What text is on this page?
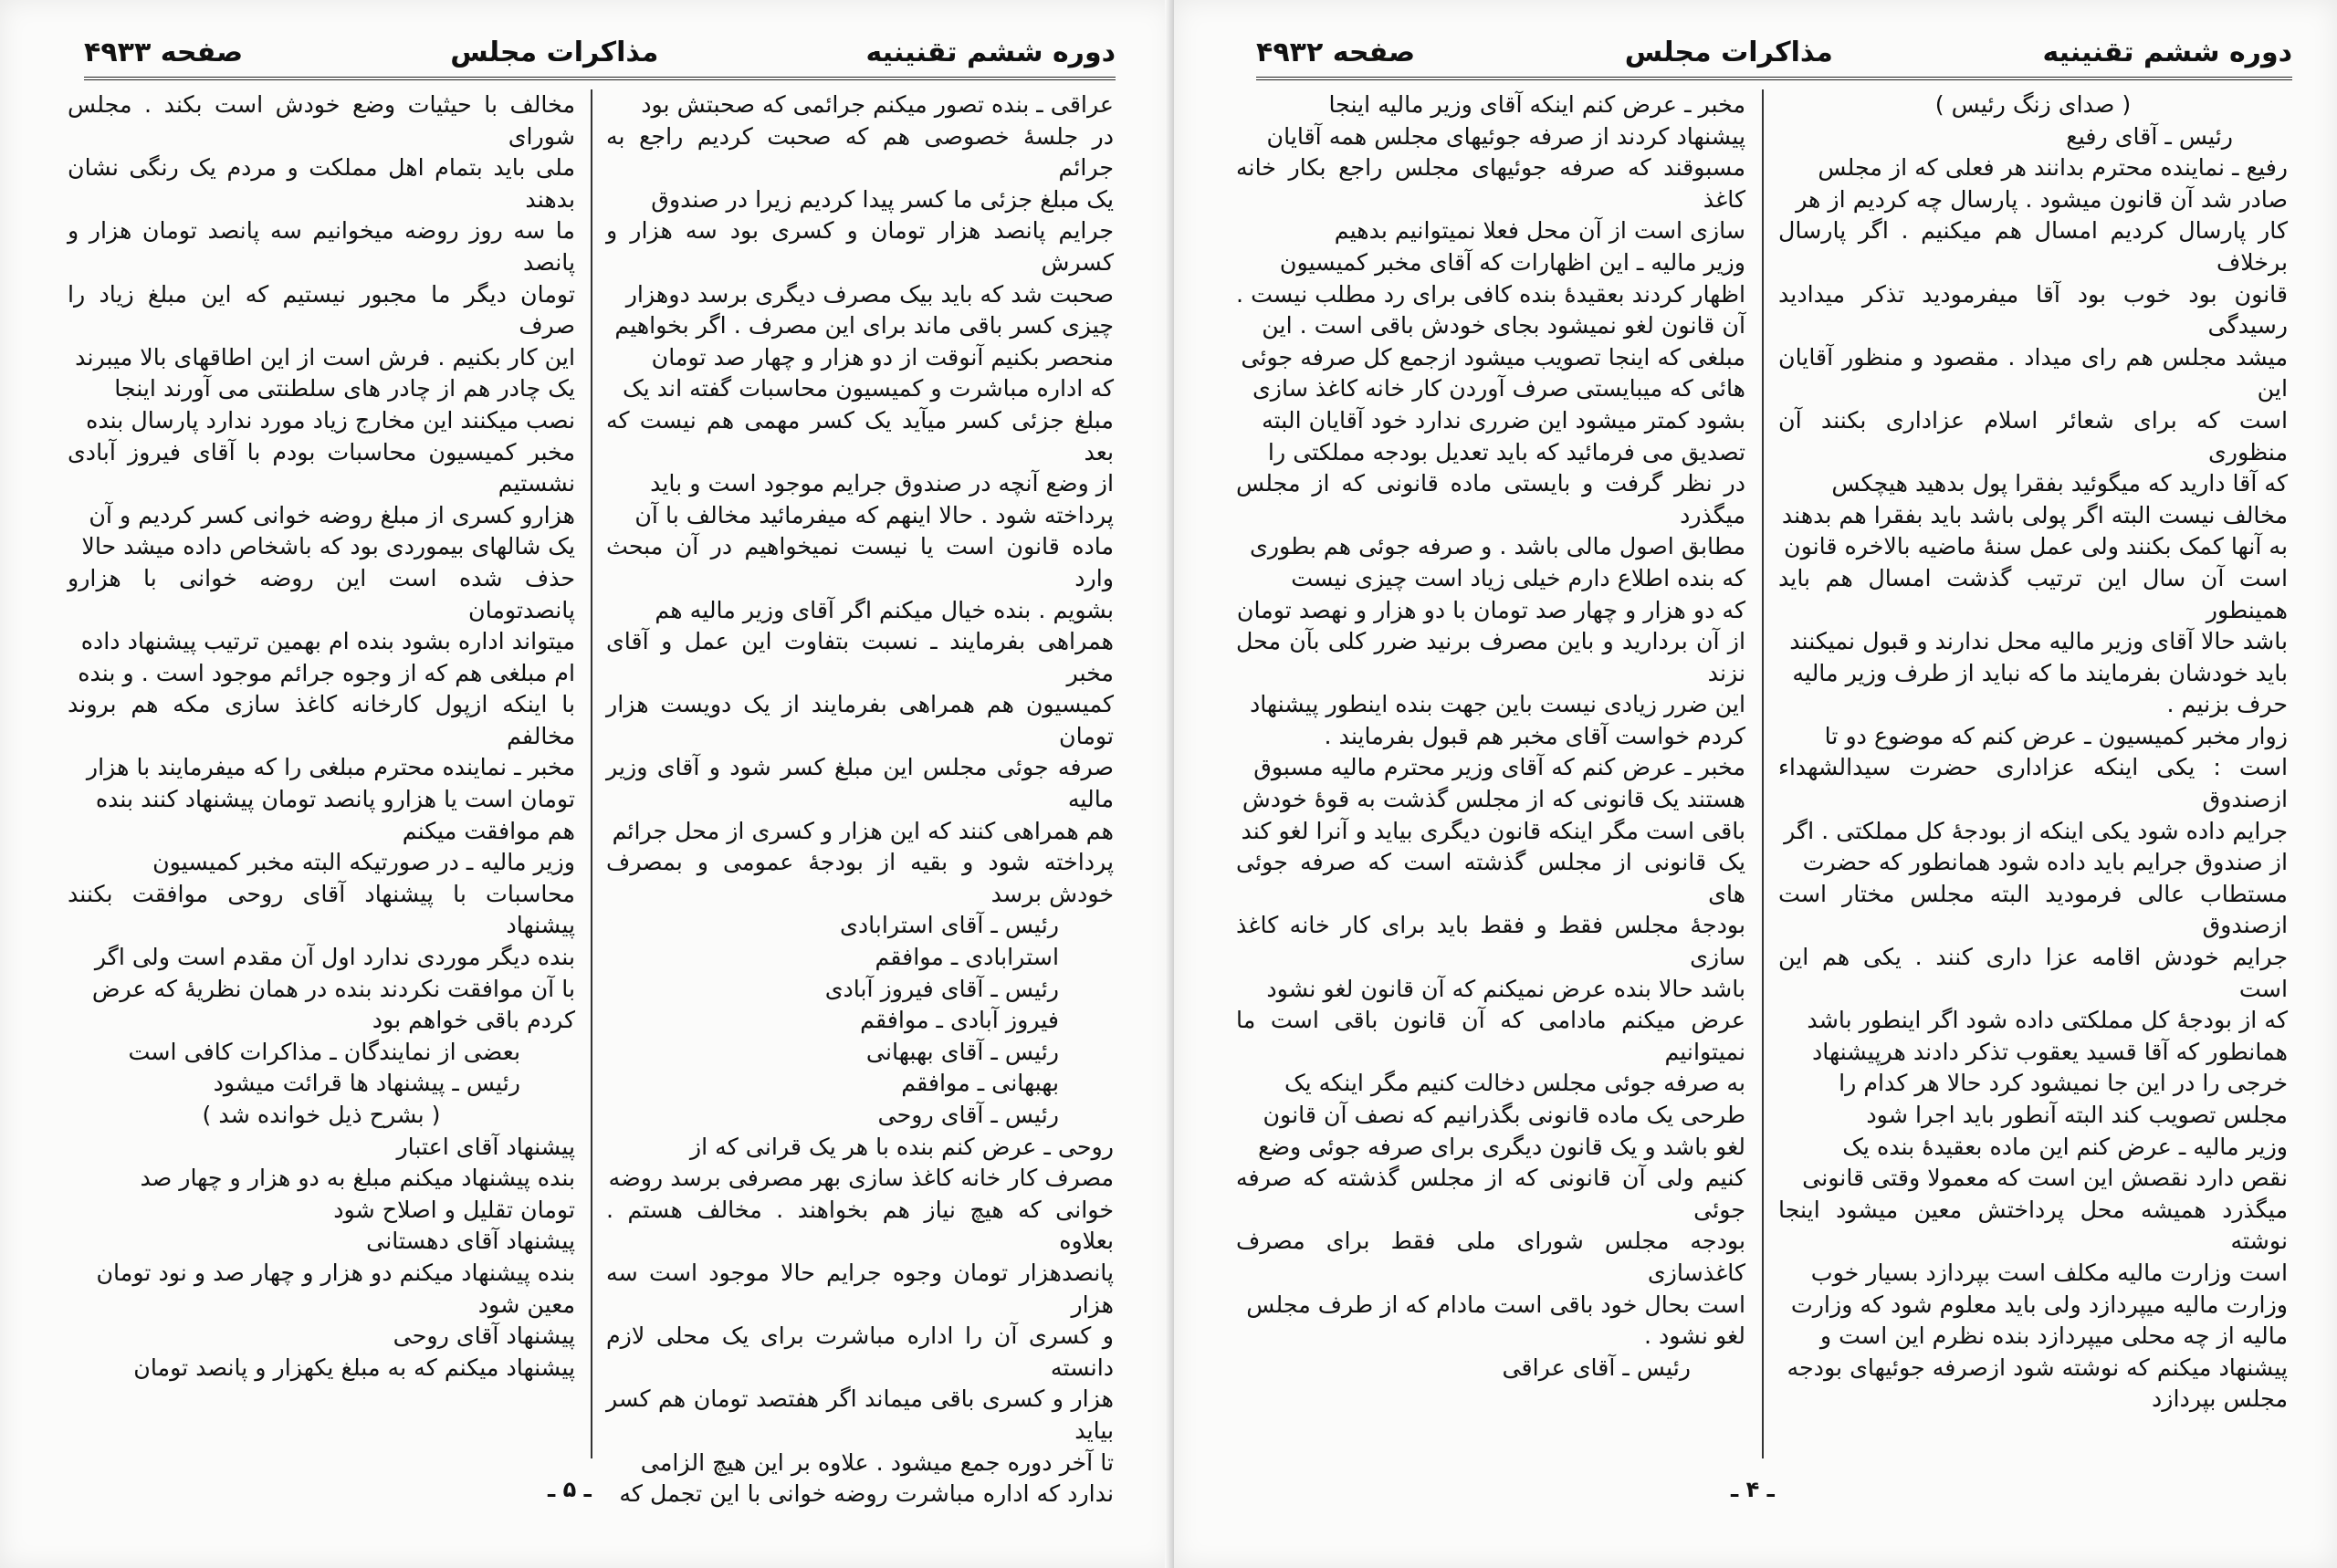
دوره ششم تقنینیه
مذاکرات مجلس
صفحه ۴۹۳۳

عراقی ـ بنده تصور میکنم جرائمی که صحبتش بود

در جلسهٔ خصوصی هم که صحبت کردیم راجع به جرائم

یک مبلغ جزئی ما کسر پیدا کردیم زیرا در صندوق

جرایم پانصد هزار تومان و کسری بود سه هزار و کسرش

صحبت شد که باید بیک مصرف دیگری برسد دوهزار

چیزی کسر باقی ماند برای این مصرف . اگر بخواهیم

منحصر بکنیم آنوقت از دو هزار و چهار صد تومان

که اداره مباشرت و کمیسیون محاسبات گفته اند یک

مبلغ جزئی کسر میآید یک کسر مهمی هم نیست که بعد

از وضع آنچه در صندوق جرایم موجود است و باید

پرداخته شود . حالا اینهم که میفرمائید مخالف با آن

ماده قانون است یا نیست نمیخواهیم در آن مبحث وارد

بشویم . بنده خیال میکنم اگر آقای وزیر مالیه هم

همراهی بفرمایند ـ نسبت بتفاوت این عمل و آقای مخبر

کمیسیون هم همراهی بفرمایند از یک دویست هزار تومان

صرفه جوئی مجلس این مبلغ کسر شود و آقای وزیر مالیه

هم همراهی کنند که این هزار و کسری از محل جرائم

پرداخته شود و بقیه از بودجهٔ عمومی و بمصرف خودش برسد

رئیس ـ آقای استرابادی

استرابادی ـ موافقم

رئیس ـ آقای فیروز آبادی

فیروز آبادی ـ موافقم

رئیس ـ آقای بهبهانی

بهبهانی ـ موافقم

رئیس ـ آقای روحی

روحی ـ عرض کنم بنده با هر یک قرانی که از

مصرف کار خانه کاغذ سازی بهر مصرفی برسد روضه

خوانی که هیچ نیاز هم بخواهند . مخالف هستم . بعلاوه

پانصدهزار تومان وجوه جرایم حالا موجود است سه هزار

و کسری آن را اداره مباشرت برای یک محلی لازم دانسته

هزار و کسری باقی میماند اگر هفتصد تومان هم کسر بیاید

تا آخر دوره جمع میشود . علاوه بر این هیچ الزامی

ندارد که اداره مباشرت روضه خوانی با این تجمل که

مخالف با حیثیات وضع خودش است بکند . مجلس شورای

ملی باید بتمام اهل مملکت و مردم یک رنگی نشان بدهند

ما سه روز روضه میخوانیم سه پانصد تومان هزار و پانصد

تومان دیگر ما مجبور نیستیم که این مبلغ زیاد را صرف

این کار بکنیم . فرش است از این اطاقهای بالا میبرند

یک چادر هم از چادر های سلطنتی می آورند اینجا

نصب میکنند این مخارج زیاد مورد ندارد پارسال بنده

مخبر کمیسیون محاسبات بودم با آقای فیروز آبادی نشستیم

هزارو کسری از مبلغ روضه خوانی کسر کردیم و آن

یک شالهای بیموردی بود که باشخاص داده میشد حالا

حذف شده است این روضه خوانی با هزارو پانصدتومان

میتواند اداره بشود بنده ام بهمین ترتیب پیشنهاد داده

ام مبلغی هم که از وجوه جرائم موجود است . و بنده

با اینکه ازپول کارخانه کاغذ سازی مکه هم بروند مخالفم

مخبر ـ نماینده محترم مبلغی را که میفرمایند با هزار

تومان است یا هزارو پانصد تومان پیشنهاد کنند بنده

هم موافقت میکنم

وزیر مالیه ـ در صورتیکه البته مخبر کمیسیون

محاسبات با پیشنهاد آقای روحی موافقت بکنند پیشنهاد

بنده دیگر موردی ندارد اول آن مقدم است ولی اگر

با آن موافقت نکردند بنده در همان نظریهٔ که عرض

کردم باقی خواهم بود

بعضی از نمایندگان ـ مذاکرات کافی است

رئیس ـ پیشنهاد ها قرائت میشود

( بشرح ذیل خوانده شد )

پیشنهاد آقای اعتبار

بنده پیشنهاد میکنم مبلغ به دو هزار و چهار صد

تومان تقلیل و اصلاح شود

پیشنهاد آقای دهستانی

بنده پیشنهاد میکنم دو هزار و چهار صد و نود تومان

معین شود

پیشنهاد آقای روحی

پیشنهاد میکنم که به مبلغ یکهزار و پانصد تومان

ـ ۵ ـ
دوره ششم تقنینیه
مذاکرات مجلس
صفحه ۴۹۳۲

( صدای زنگ رئیس )

رئیس ـ آقای رفیع

رفیع ـ نماینده محترم بدانند هر فعلی که از مجلس

صادر شد آن قانون میشود . پارسال چه کردیم از هر

کار پارسال کردیم امسال هم میکنیم . اگر پارسال برخلاف

قانون بود خوب بود آقا میفرمودید تذکر میدادید رسیدگی

میشد مجلس هم رای میداد . مقصود و منظور آقایان این

است که برای شعائر اسلام عزاداری بکنند آن منظوری

که آقا دارید که میگوئید بفقرا پول بدهید هیچکس

مخالف نیست البته اگر پولی باشد باید بفقرا هم بدهند

به آنها کمک بکنند ولی عمل سنهٔ ماضیه بالاخره قانون

است آن سال این ترتیب گذشت امسال هم باید همینطور

باشد حالا آقای وزیر مالیه محل ندارند و قبول نمیکنند

باید خودشان بفرمایند ما که نباید از طرف وزیر مالیه

حرف بزنیم .

زوار مخبر کمیسیون ـ عرض کنم که موضوع دو تا

است : یکی اینکه عزاداری حضرت سیدالشهداء ازصندوق

جرایم داده شود یکی اینکه از بودجهٔ کل مملکتی . اگر

از صندوق جرایم باید داده شود همانطور که حضرت

مستطاب عالی فرمودید البته مجلس مختار است ازصندوق

جرایم خودش اقامه عزا داری کنند . یکی هم این است

که از بودجهٔ کل مملکتی داده شود اگر اینطور باشد

همانطور که آقا قسید یعقوب تذکر دادند هرپیشنهاد

خرجی را در این جا نمیشود کرد حالا هر کدام را

مجلس تصویب کند البته آنطور باید اجرا شود

وزیر مالیه ـ عرض کنم این ماده بعقیدهٔ بنده یک

نقص دارد نقصش این است که معمولا وقتی قانونی

میگذرد همیشه محل پرداختش معین میشود اینجا نوشته

است وزارت مالیه مکلف است بپردازد بسیار خوب

وزارت مالیه میپردازد ولی باید معلوم شود که وزارت

مالیه از چه محلی میپردازد بنده نظرم این است و

پیشنهاد میکنم که نوشته شود ازصرفه جوئیهای بودجه

مجلس بپردازد

مخبر ـ عرض کنم اینکه آقای وزیر مالیه اینجا

پیشنهاد کردند از صرفه جوئیهای مجلس همه آقایان

مسبوقند که صرفه جوئیهای مجلس راجع بکار خانه کاغذ

سازی است از آن محل فعلا نمیتوانیم بدهیم

وزیر مالیه ـ این اظهارات که آقای مخبر کمیسیون

اظهار کردند بعقیدهٔ بنده کافی برای رد مطلب نیست .

آن قانون لغو نمیشود بجای خودش باقی است . این

مبلغی که اینجا تصویب میشود ازجمع کل صرفه جوئی

هائی که میبایستی صرف آوردن کار خانه کاغذ سازی

بشود کمتر میشود این ضرری ندارد خود آقایان البته

تصدیق می فرمائید که باید تعدیل بودجه مملکتی را

در نظر گرفت و بایستی ماده قانونی که از مجلس میگذرد

مطابق اصول مالی باشد . و صرفه جوئی هم بطوری

که بنده اطلاع دارم خیلی زیاد است چیزی نیست

که دو هزار و چهار صد تومان با دو هزار و نهصد تومان

از آن بردارید و باین مصرف برنید ضرر کلی بآن محل نزند

این ضرر زیادی نیست باین جهت بنده اینطور پیشنهاد

کردم خواست آقای مخبر هم قبول بفرمایند .

مخبر ـ عرض کنم که آقای وزیر محترم مالیه مسبوق

هستند یک قانونی که از مجلس گذشت به قوهٔ خودش

باقی است مگر اینکه قانون دیگری بیاید و آنرا لغو کند

یک قانونی از مجلس گذشته است که صرفه جوئی های

بودجهٔ مجلس فقط و فقط باید برای کار خانه کاغذ سازی

باشد حالا بنده عرض نمیکنم که آن قانون لغو نشود

عرض میکنم مادامی که آن قانون باقی است ما نمیتوانیم

به صرفه جوئی مجلس دخالت کنیم مگر اینکه یک

طرحی یک ماده قانونی بگذرانیم که نصف آن قانون

لغو باشد و یک قانون دیگری برای صرفه جوئی وضع

کنیم ولی آن قانونی که از مجلس گذشته که صرفه جوئی

بودجه مجلس شورای ملی فقط برای مصرف کاغذسازی

است بحال خود باقی است مادام که از طرف مجلس

لغو نشود .

رئیس ـ آقای عراقی

ـ ۴ ـ
